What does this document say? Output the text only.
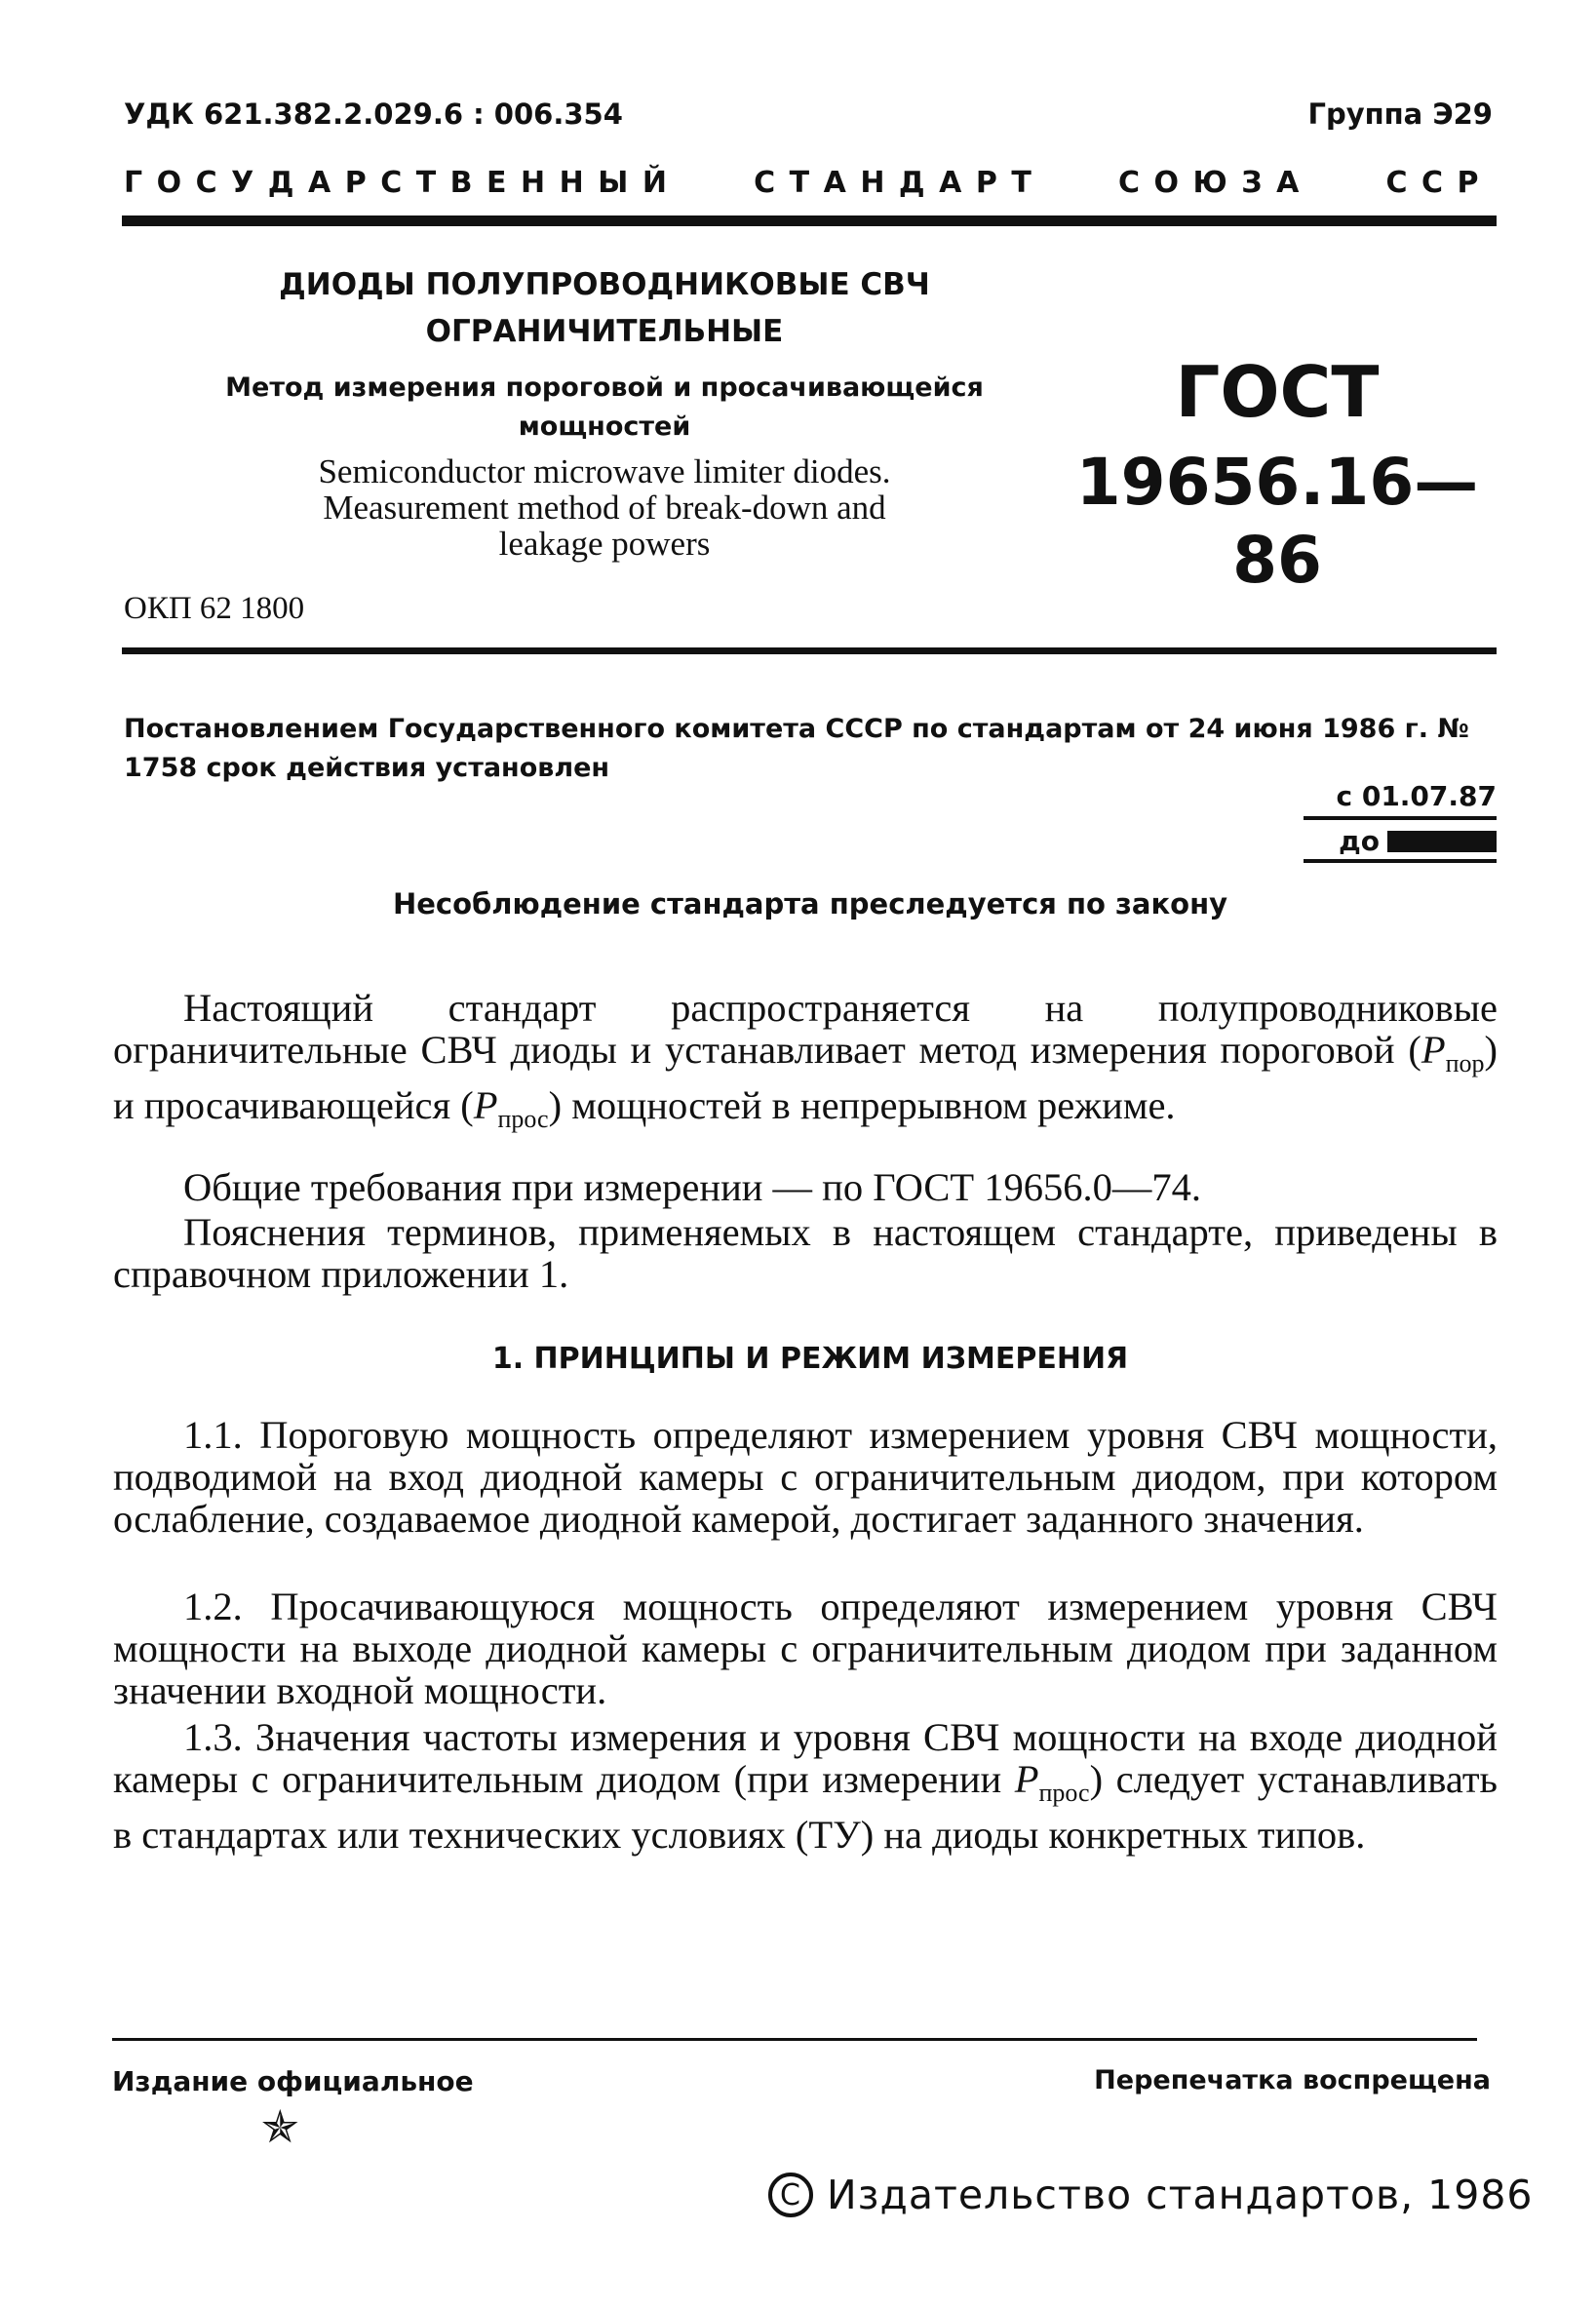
УДК 621.382.2.029.6 : 006.354	Группа Э29
ГОСУДАРСТВЕННЫЙ СТАНДАРТ СОЮЗА ССР
ДИОДЫ ПОЛУПРОВОДНИКОВЫЕ СВЧ
ОГРАНИЧИТЕЛЬНЫЕ
Метод измерения пороговой и просачивающейся
мощностей
Semiconductor microwave limiter diodes.
Measurement method of break-down and
leakage powers
ГОСТ
19656.16—86
ОКП 62 1800
Постановлением Государственного комитета СССР по стандартам от 24 июня 1986 г. № 1758 срок действия установлен
с 01.07.87
до
Несоблюдение стандарта преследуется по закону
Настоящий стандарт распространяется на полупроводниковые ограничительные СВЧ диоды и устанавливает метод измерения пороговой $(P_{пор})$ и просачивающейся $(P_{прос})$ мощностей в непрерывном режиме.
Общие требования при измерении — по ГОСТ 19656.0—74.
Пояснения терминов, применяемых в настоящем стандарте, приведены в справочном приложении 1.
1. ПРИНЦИПЫ И РЕЖИМ ИЗМЕРЕНИЯ
1.1. Пороговую мощность определяют измерением уровня СВЧ мощности, подводимой на вход диодной камеры с ограничительным диодом, при котором ослабление, создаваемое диодной камерой, достигает заданного значения.
1.2. Просачивающуюся мощность определяют измерением уровня СВЧ мощности на выходе диодной камеры с ограничительным диодом при заданном значении входной мощности.
1.3. Значения частоты измерения и уровня СВЧ мощности на входе диодной камеры с ограничительным диодом (при измерении $P_{прос}$) следует устанавливать в стандартах или технических условиях (ТУ) на диоды конкретных типов.
Издание официальное	Перепечатка воспрещена
✯
C Издательство стандартов, 1986
